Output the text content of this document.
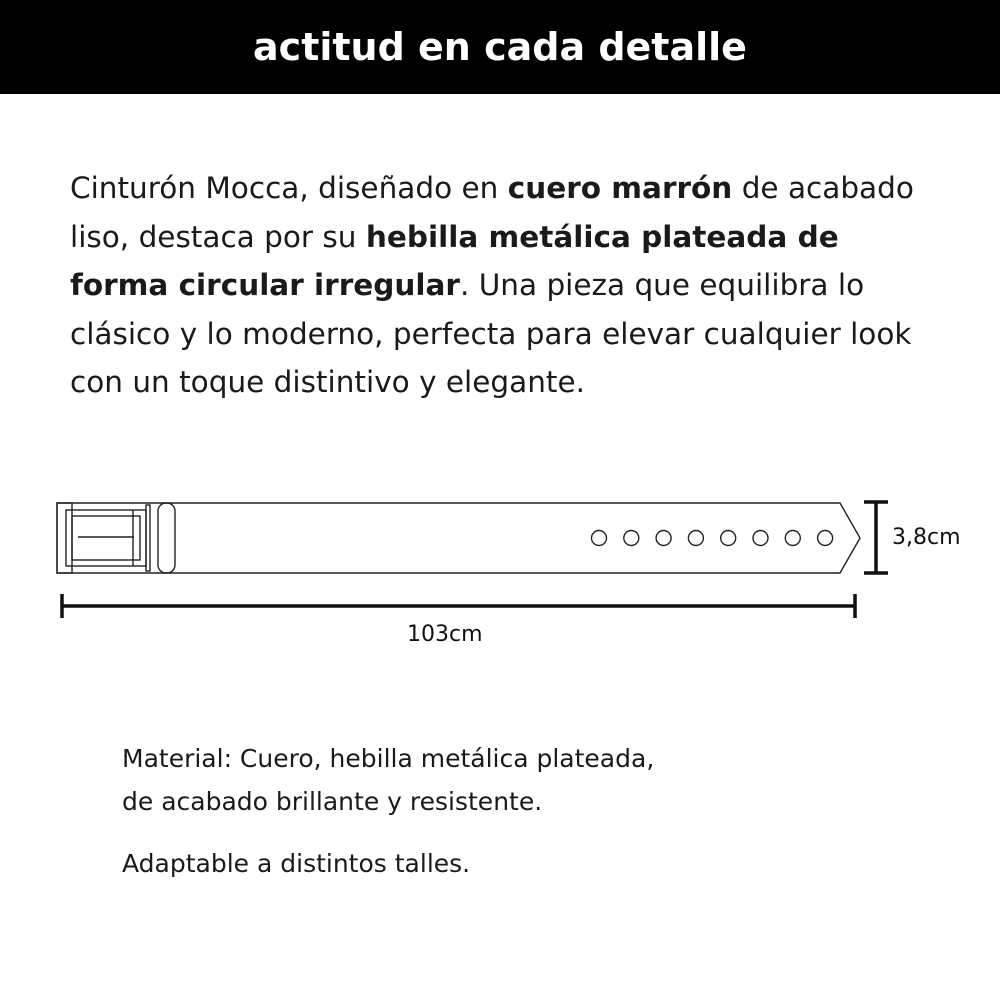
actitud en cada detalle

Cinturón Mocca, diseñado en cuero marrón de acabado liso, destaca por su hebilla metálica plateada de forma circular irregular. Una pieza que equilibra lo clásico y lo moderno, perfecta para elevar cualquier look con un toque distintivo y elegante.

3,8cm
103cm

Material: Cuero, hebilla metálica plateada,
de acabado brillante y resistente.

Adaptable a distintos talles.
